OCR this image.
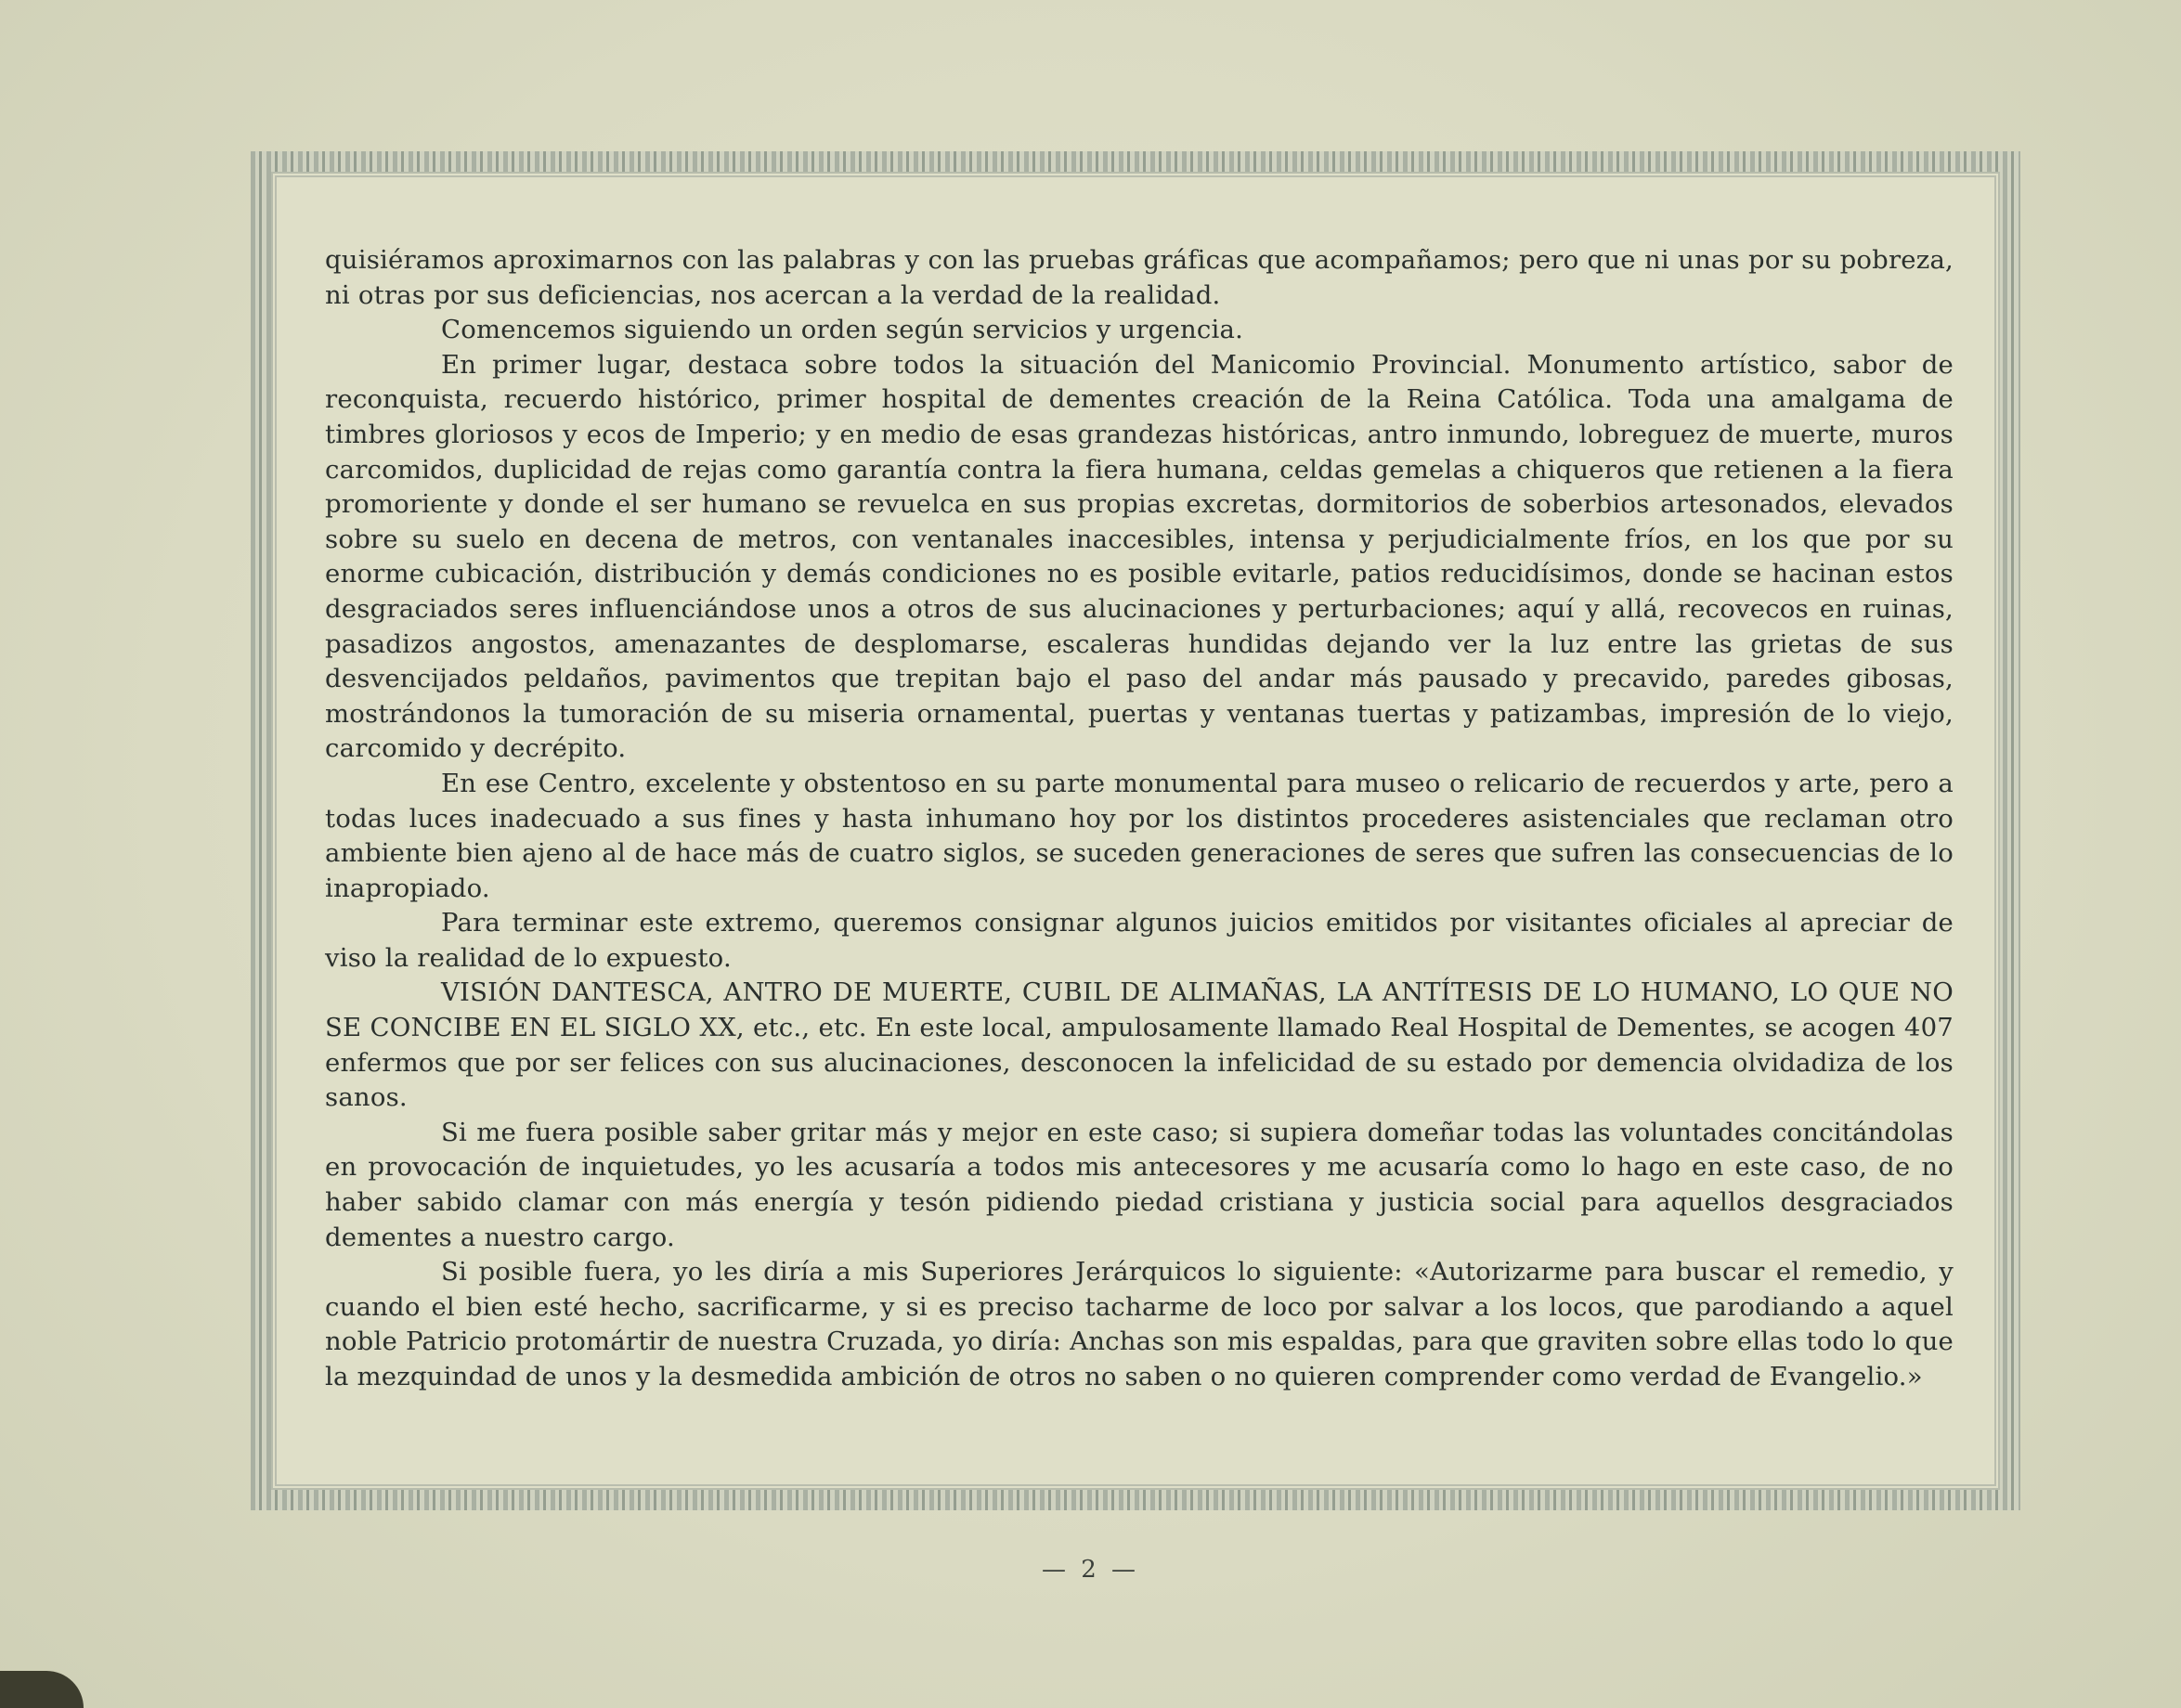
quisiéramos aproximarnos con las palabras y con las pruebas gráficas que acompañamos; pero que ni unas por su pobreza, ni otras por sus deficiencias, nos acercan a la verdad de la realidad.

Comencemos siguiendo un orden según servicios y urgencia.

En primer lugar, destaca sobre todos la situación del Manicomio Provincial. Monumento artístico, sabor de reconquista, recuerdo histórico, primer hospital de dementes creación de la Reina Católica. Toda una amalgama de timbres gloriosos y ecos de Imperio; y en medio de esas grandezas históricas, antro inmundo, lobreguez de muerte, muros carcomidos, duplicidad de rejas como garantía contra la fiera humana, celdas gemelas a chiqueros que retienen a la fiera promoriente y donde el ser humano se revuelca en sus propias excretas, dormitorios de soberbios artesonados, elevados sobre su suelo en decena de metros, con ventanales inaccesibles, intensa y perjudicialmente fríos, en los que por su enorme cubicación, distribución y demás condiciones no es posible evitarle, patios reducidísimos, donde se hacinan estos desgraciados seres influenciándose unos a otros de sus alucinaciones y perturbaciones; aquí y allá, recovecos en ruinas, pasadizos angostos, amenazantes de desplomarse, escaleras hundidas dejando ver la luz entre las grietas de sus desvencijados peldaños, pavimentos que trepitan bajo el paso del andar más pausado y precavido, paredes gibosas, mostrándonos la tumoración de su miseria ornamental, puertas y ventanas tuertas y patizambas, impresión de lo viejo, carcomido y decrépito.

En ese Centro, excelente y obstentoso en su parte monumental para museo o relicario de recuerdos y arte, pero a todas luces inadecuado a sus fines y hasta inhumano hoy por los distintos procederes asistenciales que reclaman otro ambiente bien ajeno al de hace más de cuatro siglos, se suceden generaciones de seres que sufren las consecuencias de lo inapropiado.

Para terminar este extremo, queremos consignar algunos juicios emitidos por visitantes oficiales al apreciar de viso la realidad de lo expuesto.

VISIÓN DANTESCA, ANTRO DE MUERTE, CUBIL DE ALIMAÑAS, LA ANTÍTESIS DE LO HUMANO, LO QUE NO SE CONCIBE EN EL SIGLO XX, etc., etc. En este local, ampulosamente llamado Real Hospital de Dementes, se acogen 407 enfermos que por ser felices con sus alucinaciones, desconocen la infelicidad de su estado por demencia olvidadiza de los sanos.

Si me fuera posible saber gritar más y mejor en este caso; si supiera domeñar todas las voluntades concitándolas en provocación de inquietudes, yo les acusaría a todos mis antecesores y me acusaría como lo hago en este caso, de no haber sabido clamar con más energía y tesón pidiendo piedad cristiana y justicia social para aquellos desgraciados dementes a nuestro cargo.

Si posible fuera, yo les diría a mis Superiores Jerárquicos lo siguiente: «Autorizarme para buscar el remedio, y cuando el bien esté hecho, sacrificarme, y si es preciso tacharme de loco por salvar a los locos, que parodiando a aquel noble Patricio protomártir de nuestra Cruzada, yo diría: Anchas son mis espaldas, para que graviten sobre ellas todo lo que la mezquindad de unos y la desmedida ambición de otros no saben o no quieren comprender como verdad de Evangelio.»

— 2 —
